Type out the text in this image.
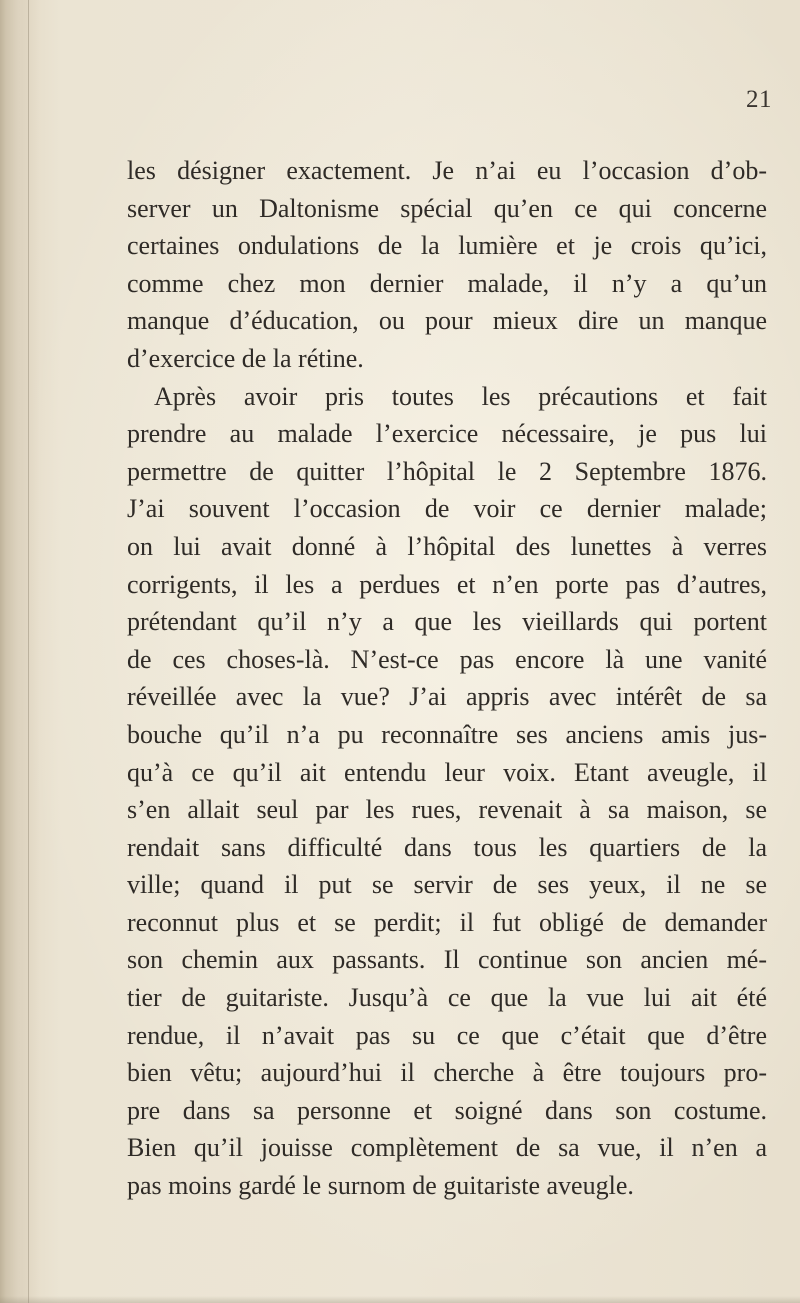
21
les désigner exactement. Je n’ai eu l’occasion d’ob-
server un Daltonisme spécial qu’en ce qui concerne
certaines ondulations de la lumière et je crois qu’ici,
comme chez mon dernier malade, il n’y a qu’un
manque d’éducation, ou pour mieux dire un manque
d’exercice de la rétine.
Après avoir pris toutes les précautions et fait
prendre au malade l’exercice nécessaire, je pus lui
permettre de quitter l’hôpital le 2 Septembre 1876.
J’ai souvent l’occasion de voir ce dernier malade;
on lui avait donné à l’hôpital des lunettes à verres
corrigents, il les a perdues et n’en porte pas d’autres,
prétendant qu’il n’y a que les vieillards qui portent
de ces choses-là. N’est-ce pas encore là une vanité
réveillée avec la vue? J’ai appris avec intérêt de sa
bouche qu’il n’a pu reconnaître ses anciens amis jus-
qu’à ce qu’il ait entendu leur voix. Etant aveugle, il
s’en allait seul par les rues, revenait à sa maison, se
rendait sans difficulté dans tous les quartiers de la
ville; quand il put se servir de ses yeux, il ne se
reconnut plus et se perdit; il fut obligé de demander
son chemin aux passants. Il continue son ancien mé-
tier de guitariste. Jusqu’à ce que la vue lui ait été
rendue, il n’avait pas su ce que c’était que d’être
bien vêtu; aujourd’hui il cherche à être toujours pro-
pre dans sa personne et soigné dans son costume.
Bien qu’il jouisse complètement de sa vue, il n’en a
pas moins gardé le surnom de guitariste aveugle.
